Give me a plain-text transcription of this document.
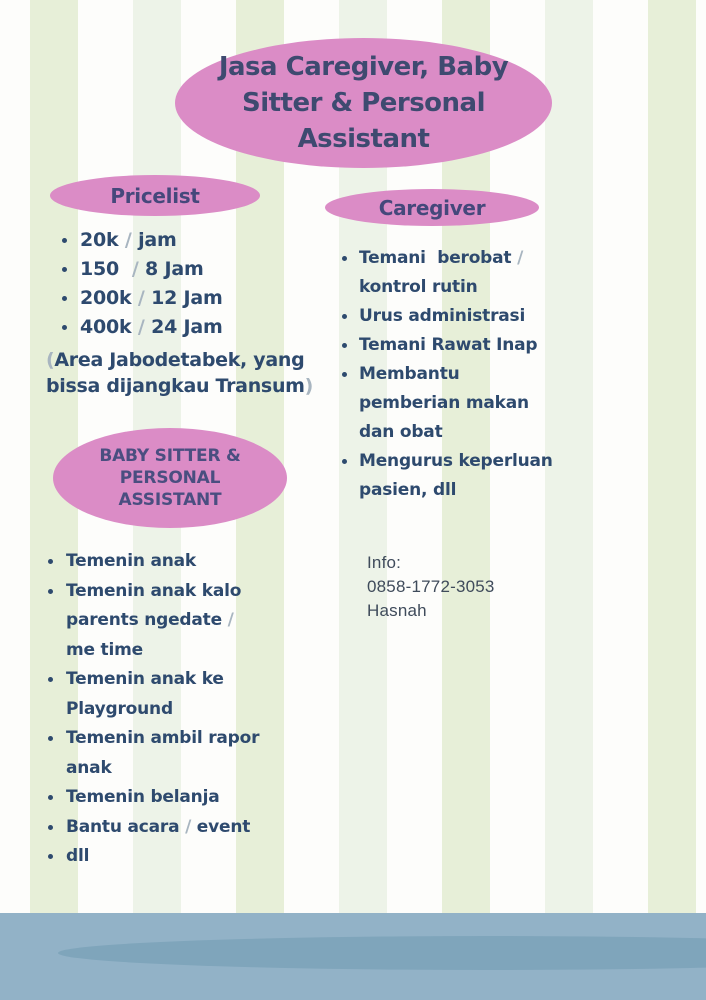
Jasa Caregiver, Baby
Sitter & Personal
Assistant
Pricelist
20k / jam
150  / 8 Jam
200k / 12 Jam
400k / 24 Jam
(Area Jabodetabek, yang bissa dijangkau Transum)
Caregiver
Temani  berobat / kontrol rutin
Urus administrasi
Temani Rawat Inap
Membantu pemberian makan dan obat
Mengurus keperluan pasien, dll
BABY SITTER &
PERSONAL
ASSISTANT
Temenin anak
Temenin anak kalo parents ngedate / me time
Temenin anak ke Playground
Temenin ambil rapor anak
Temenin belanja
Bantu acara / event
dll
Info:
0858-1772-3053
Hasnah
